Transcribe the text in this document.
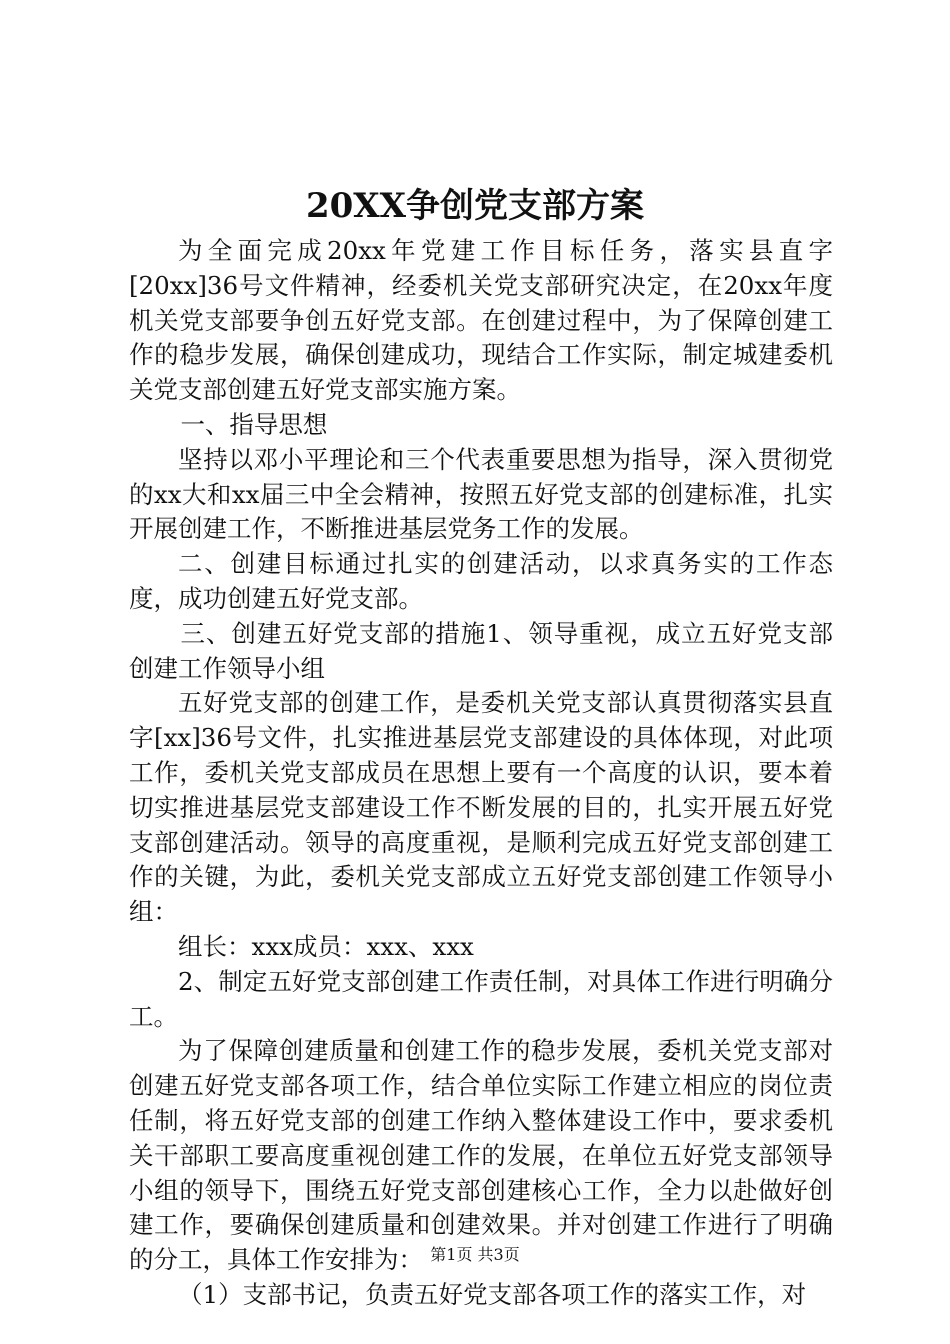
20XX争创党支部方案

为全面完成20xx年党建工作目标任务，落实县直字[20xx]36号文件精神，经委机关党支部研究决定，在20xx年度机关党支部要争创五好党支部。在创建过程中，为了保障创建工作的稳步发展，确保创建成功，现结合工作实际，制定城建委机关党支部创建五好党支部实施方案。

一、指导思想

坚持以邓小平理论和三个代表重要思想为指导，深入贯彻党的xx大和xx届三中全会精神，按照五好党支部的创建标准，扎实开展创建工作，不断推进基层党务工作的发展。

二、创建目标通过扎实的创建活动，以求真务实的工作态度，成功创建五好党支部。

三、创建五好党支部的措施1、领导重视，成立五好党支部创建工作领导小组

五好党支部的创建工作，是委机关党支部认真贯彻落实县直字[xx]36号文件，扎实推进基层党支部建设的具体体现，对此项工作，委机关党支部成员在思想上要有一个高度的认识，要本着切实推进基层党支部建设工作不断发展的目的，扎实开展五好党支部创建活动。领导的高度重视，是顺利完成五好党支部创建工作的关键，为此，委机关党支部成立五好党支部创建工作领导小组：

组长：xxx成员：xxx、xxx

2、制定五好党支部创建工作责任制，对具体工作进行明确分工。

为了保障创建质量和创建工作的稳步发展，委机关党支部对创建五好党支部各项工作，结合单位实际工作建立相应的岗位责任制，将五好党支部的创建工作纳入整体建设工作中，要求委机关干部职工要高度重视创建工作的发展，在单位五好党支部领导小组的领导下，围绕五好党支部创建核心工作，全力以赴做好创建工作，要确保创建质量和创建效果。并对创建工作进行了明确的分工，具体工作安排为：

（1）支部书记，负责五好党支部各项工作的落实工作，对

第1页 共3页
